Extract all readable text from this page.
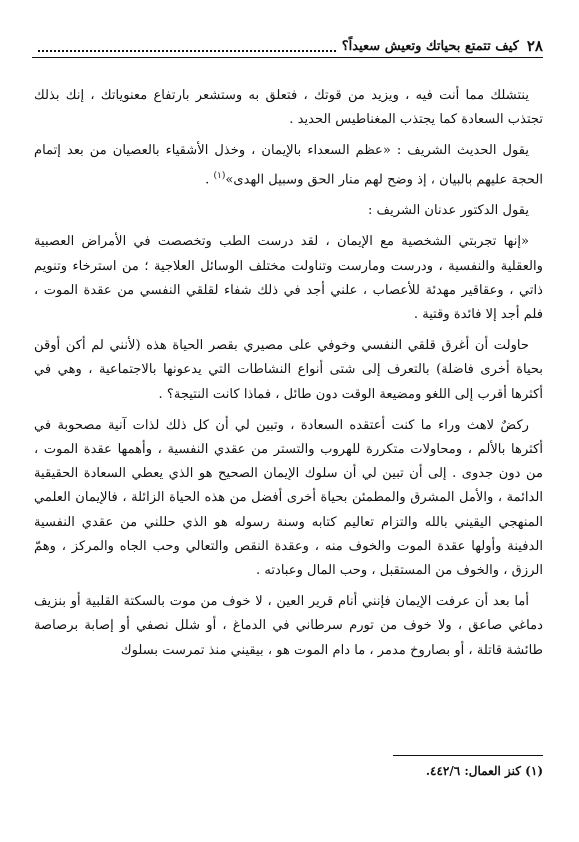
٢٨
كيف تتمتع بحياتك وتعيش سعيداً؟

ينتشلك مما أنت فيه ، ويزيد من قوتك ، فتعلق به وستشعر بارتفاع معنوياتك ، إنك بذلك تجتذب السعادة كما يجتذب المغناطيس الحديد .

يقول الحديث الشريف : «عظم السعداء بالإيمان ، وخذل الأشقياء بالعصيان من بعد إتمام الحجة عليهم بالبيان ، إذ وضح لهم منار الحق وسبيل الهدى»$^{(١)}$ .

يقول الدكتور عدنان الشريف :

«إنها تجربتي الشخصية مع الإيمان ، لقد درست الطب وتخصصت في الأمراض العصبية والعقلية والنفسية ، ودرست ومارست وتناولت مختلف الوسائل العلاجية ؛ من استرخاء وتنويم ذاتي ، وعقاقير مهدئة للأعصاب ، علني أجد في ذلك شفاء لقلقي النفسي من عقدة الموت ، فلم أجد إلا فائدة وقتية .

حاولت أن أغرق قلقي النفسي وخوفي على مصيري بقصر الحياة هذه (لأنني لم أكن أوقن بحياة أخرى فاضلة) بالتعرف إلى شتى أنواع النشاطات التي يدعونها بالاجتماعية ، وهي في أكثرها أقرب إلى اللغو ومضيعة الوقت دون طائل ، فماذا كانت النتيجة؟ .

ركضٌ لاهث وراء ما كنت أعتقده السعادة ، وتبين لي أن كل ذلك لذات آنية مصحوبة في أكثرها بالألم ، ومحاولات متكررة للهروب والتستر من عقدي النفسية ، وأهمها عقدة الموت ، من دون جدوى . إلى أن تبين لي أن سلوك الإيمان الصحيح هو الذي يعطي السعادة الحقيقية الدائمة ، والأمل المشرق والمطمئن بحياة أخرى أفضل من هذه الحياة الزائلة ، فالإيمان العلمي المنهجي اليقيني بالله والتزام تعاليم كتابه وسنة رسوله هو الذي حللني من عقدي النفسية الدفينة وأولها عقدة الموت والخوف منه ، وعقدة النقص والتعالي وحب الجاه والمركز ، وهمّ الرزق ، والخوف من المستقبل ، وحب المال وعبادته .

أما بعد أن عرفت الإيمان فإنني أنام قرير العين ، لا خوف من موت بالسكتة القلبية أو بنزيف دماغي صاعق ، ولا خوف من تورم سرطاني في الدماغ ، أو شلل نصفي أو إصابة برصاصة طائشة قاتلة ، أو بصاروخ مدمر ، ما دام الموت هو ، بيقيني منذ تمرست بسلوك

(١) كنز العمال: ٤٤٢/٦.
